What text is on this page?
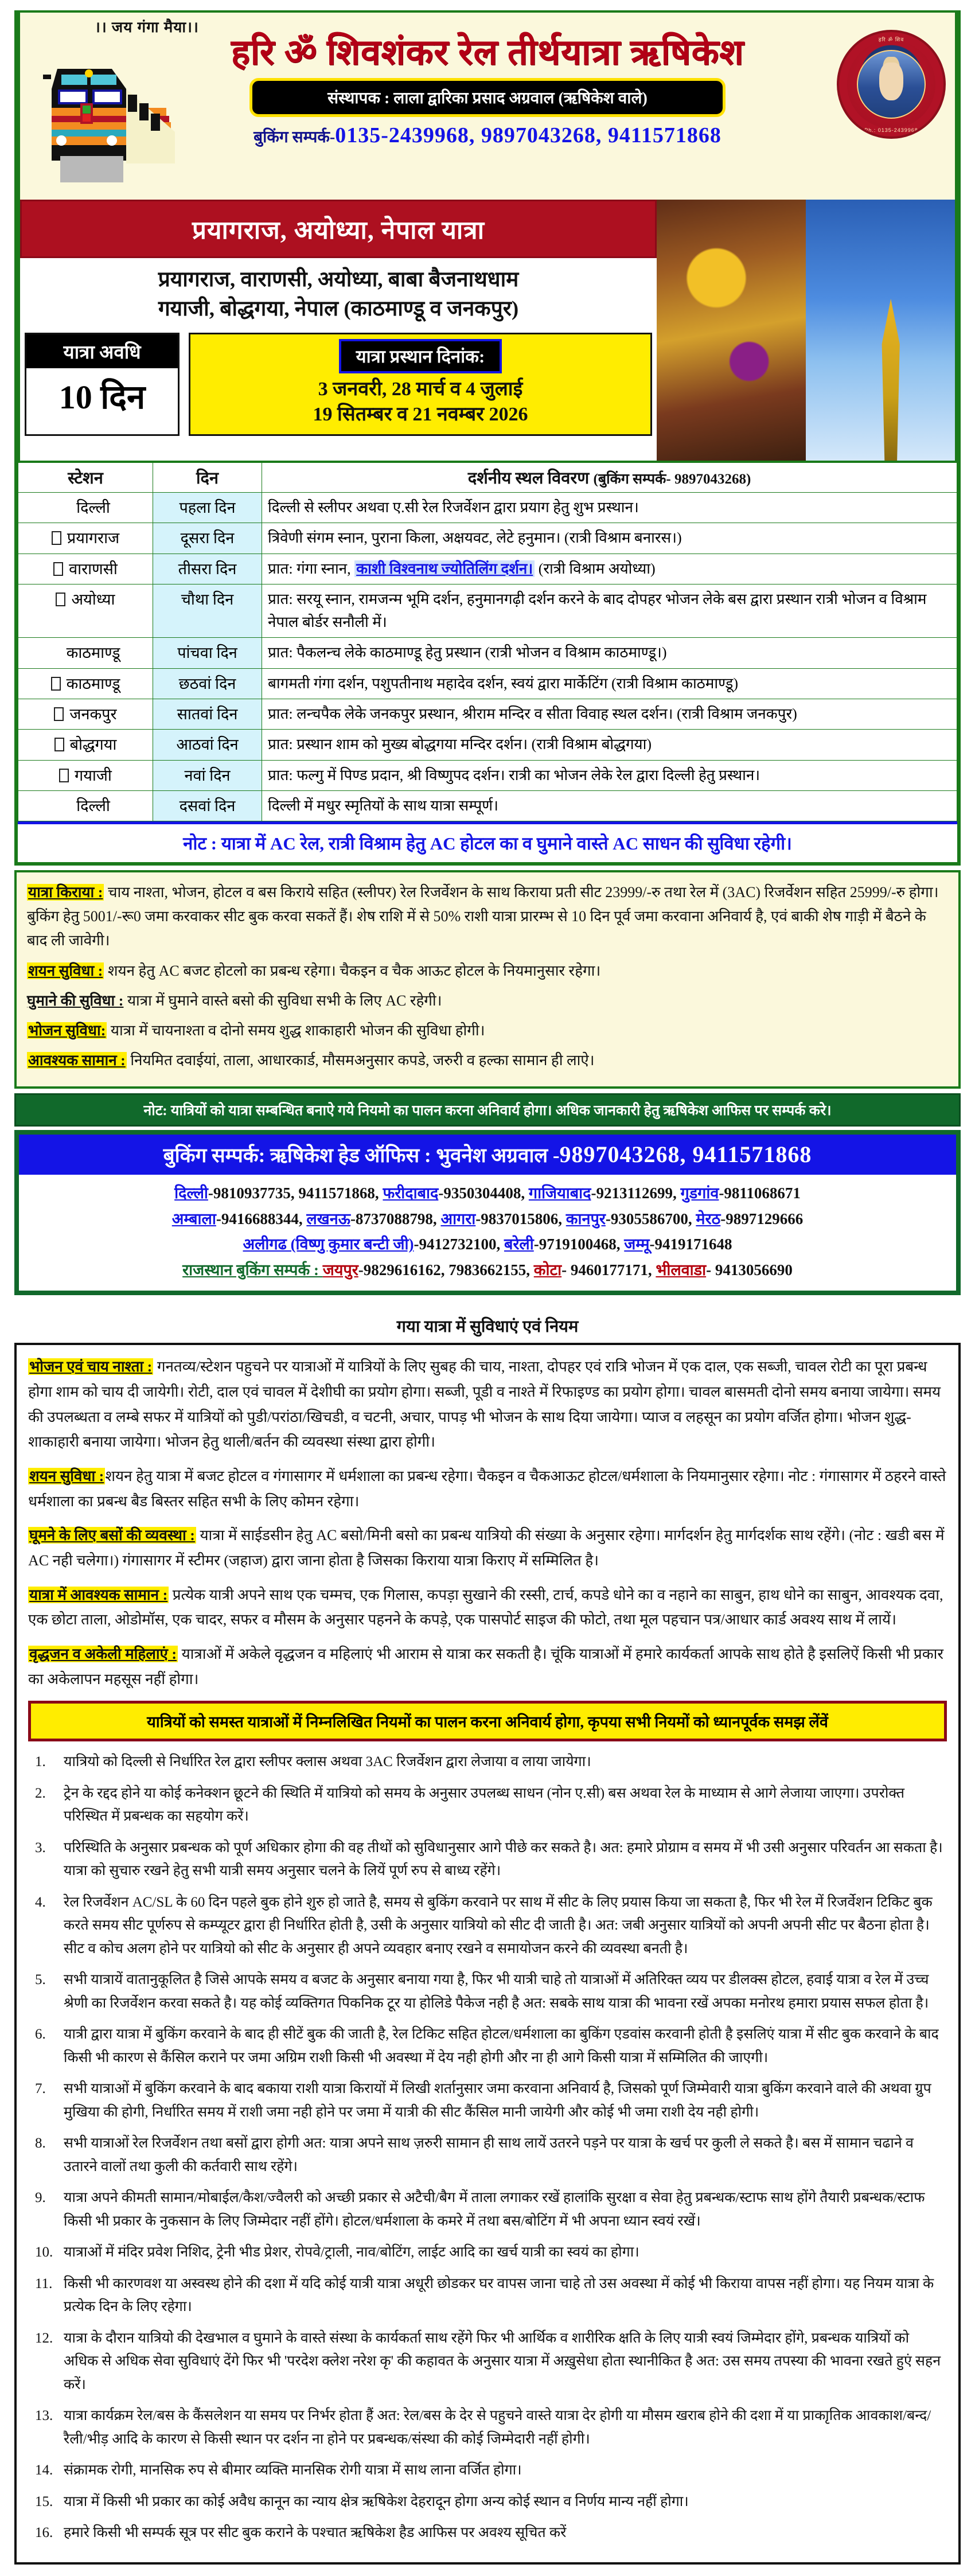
हरि ॐ शिव
Ph.: 0135-2439968
।। जय गंगा मैया।।
हरि ॐ शिवशंकर रेल तीर्थयात्रा ऋषिकेश
संस्थापक : लाला द्वारिका प्रसाद अग्रवाल (ऋषिकेश वाले)
बुकिंग सम्पर्क-0135-2439968, 9897043268, 9411571868
प्रयागराज, अयोध्या, नेपाल यात्रा
प्रयागराज, वाराणसी, अयोध्या, बाबा बैजनाथधाम
गयाजी, बोद्धगया, नेपाल (काठमाण्डू व जनकपुर)
यात्रा अवधि
10 दिन
यात्रा प्रस्थान दिनांक:
3 जनवरी, 28 मार्च व 4 जुलाई
19 सितम्बर व 21 नवम्बर 2026
स्टेशन	दिन	दर्शनीय स्थल विवरण (बुकिंग सम्पर्क- 9897043268)
दिल्ली	पहला दिन	दिल्ली से स्लीपर अथवा ए.सी रेल रिजर्वेशन द्वारा प्रयाग हेतु शुभ प्रस्थान।
प्रयागराज	दूसरा दिन	त्रिवेणी संगम स्नान, पुराना किला, अक्षयवट, लेटे हनुमान। (रात्री विश्राम बनारस।)
वाराणसी	तीसरा दिन	प्रात: गंगा स्नान, काशी विश्वनाथ ज्योतिलिंग दर्शन। (रात्री विश्राम अयोध्या)
अयोध्या	चौथा दिन	प्रात: सरयू स्नान, रामजन्म भूमि दर्शन, हनुमानगढ़ी दर्शन करने के बाद दोपहर भोजन लेके बस द्वारा प्रस्थान रात्री भोजन व विश्राम नेपाल बोर्डर सनौली में।
काठमाण्डू	पांचवा दिन	प्रात: पैकलन्च लेके काठमाण्डू हेतु प्रस्थान (रात्री भोजन व विश्राम काठमाण्डू।)
काठमाण्डू	छठवां दिन	बागमती गंगा दर्शन, पशुपतीनाथ महादेव दर्शन, स्वयं द्वारा मार्केटिंग (रात्री विश्राम काठमाण्डू)
जनकपुर	सातवां दिन	प्रात: लन्चपैक लेके जनकपुर प्रस्थान, श्रीराम मन्दिर व सीता विवाह स्थल दर्शन। (रात्री विश्राम जनकपुर)
बोद्धगया	आठवां दिन	प्रात: प्रस्थान शाम को मुख्य बोद्धगया मन्दिर दर्शन। (रात्री विश्राम बोद्धगया)
गयाजी	नवां दिन	प्रात: फल्गु में पिण्ड प्रदान, श्री विष्णुपद दर्शन। रात्री का भोजन लेके रेल द्वारा दिल्ली हेतु प्रस्थान।
दिल्ली	दसवां दिन	दिल्ली में मधुर स्मृतियों के साथ यात्रा सम्पूर्ण।
नोट : यात्रा में AC रेल, रात्री विश्राम हेतु AC होटल का व घुमाने वास्ते AC साधन की सुविधा रहेगी।

यात्रा किराया : चाय नाश्ता, भोजन, होटल व बस किराये सहित (स्लीपर) रेल रिजर्वेशन के साथ किराया प्रती सीट 23999/-रु तथा रेल में (3AC) रिजर्वेशन सहित 25999/-रु होगा। बुकिंग हेतु 5001/-रू0 जमा करवाकर सीट बुक करवा सकतें हैं। शेष राशि में से 50% राशी यात्रा प्रारम्भ से 10 दिन पूर्व जमा करवाना अनिवार्य है, एवं बाकी शेष गाड़ी में बैठने के बाद ली जावेगी।

शयन सुविधा : शयन हेतु AC बजट होटलो का प्रबन्ध रहेगा। चैकइन व चैक आऊट होटल के नियमानुसार रहेगा।

घुमाने की सुविधा : यात्रा में घुमाने वास्ते बसो की सुविधा सभी के लिए AC रहेगी।

भोजन सुविधा: यात्रा में चायनाश्ता व दोनो समय शुद्ध शाकाहारी भोजन की सुविधा होगी।

आवश्यक सामान : नियमित दवाईयां, ताला, आधारकार्ड, मौसमअनुसार कपडे, जरुरी व हल्का सामान ही लाऐ।

नोट: यात्रियों को यात्रा सम्बन्धित बनाऐ गये नियमो का पालन करना अनिवार्य होगा। अधिक जानकारी हेतु ऋषिकेश आफिस पर सम्पर्क करे।
बुकिंग सम्पर्क: ऋषिकेश हेड ऑफिस : भुवनेश अग्रवाल -9897043268, 9411571868
दिल्ली-9810937735, 9411571868, फरीदाबाद-9350304408, गाजियाबाद-9213112699, गुडगांव-9811068671
अम्बाला-9416688344, लखनऊ-8737088798, आगरा-9837015806, कानपुर-9305586700, मेरठ-9897129666
अलीगढ (विष्णु कुमार बन्टी जी)-9412732100, बरेली-9719100468, जम्मू-9419171648
राजस्थान बुकिंग सम्पर्क : जयपुर-9829616162, 7983662155, कोटा- 9460177171, भीलवाडा- 9413056690
गया यात्रा में सुविधाएं एवं नियम

भोजन एवं चाय नाश्ता : गनतव्य/स्टेशन पहुचने पर यात्राओं में यात्रियों के लिए सुबह की चाय, नाश्ता, दोपहर एवं रात्रि भोजन में एक दाल, एक सब्जी, चावल रोटी का पूरा प्रबन्ध होगा शाम को चाय दी जायेगी। रोटी, दाल एवं चावल में देशीघी का प्रयोग होगा। सब्जी, पूडी व नाश्ते में रिफाइण्ड का प्रयोग होगा। चावल बासमती दोनो समय बनाया जायेगा। समय की उपलब्धता व लम्बे सफर में यात्रियों को पुडी/परांठा/खिचडी, व चटनी, अचार, पापड़ भी भोजन के साथ दिया जायेगा। प्याज व लहसून का प्रयोग वर्जित होगा। भोजन शुद्ध-शाकाहारी बनाया जायेगा। भोजन हेतु थाली/बर्तन की व्यवस्था संस्था द्वारा होगी।

शयन सुविधा :शयन हेतु यात्रा में बजट होटल व गंगासागर में धर्मशाला का प्रबन्ध रहेगा। चैकइन व चैकआऊट होटल/धर्मशाला के नियमानुसार रहेगा। नोट : गंगासागर में ठहरने वास्ते धर्मशाला का प्रबन्ध बैड बिस्तर सहित सभी के लिए कोमन रहेगा।

घूमने के लिए बसों की व्यवस्था : यात्रा में साईडसीन हेतु AC बसो/मिनी बसो का प्रबन्ध यात्रियो की संख्या के अनुसार रहेगा। मार्गदर्शन हेतु मार्गदर्शक साथ रहेंगे। (नोट : खडी बस में AC नही चलेगा।) गंगासागर में स्टीमर (जहाज) द्वारा जाना होता है जिसका किराया यात्रा किराए में सम्मिलित है।

यात्रा में आवश्यक सामान : प्रत्येक यात्री अपने साथ एक चम्मच, एक गिलास, कपड़ा सुखाने की रस्सी, टार्च, कपडे धोने का व नहाने का साबुन, हाथ धोने का साबुन, आवश्यक दवा, एक छोटा ताला, ओडोमॉस, एक चादर, सफर व मौसम के अनुसार पहनने के कपड़े, एक पासपोर्ट साइज की फोटो, तथा मूल पहचान पत्र/आधार कार्ड अवश्य साथ में लायें।

वृद्धजन व अकेली महिलाएं : यात्राओं में अकेले वृद्धजन व महिलाएं भी आराम से यात्रा कर सकती है। चूंकि यात्राओं में हमारे कार्यकर्ता आपके साथ होते है इसलिऐं किसी भी प्रकार का अकेलापन महसूस नहीं होगा।

यात्रियों को समस्त यात्राओं में निम्नलिखित नियमों का पालन करना अनिवार्य होगा, कृपया सभी नियमों को ध्यानपूर्वक समझ लेंवें
यात्रियो को दिल्ली से निर्धारित रेल द्वारा स्लीपर क्लास अथवा 3AC रिजर्वेशन द्वारा लेजाया व लाया जायेगा।
ट्रेन के रद्दद होने या कोई कनेक्शन छूटने की स्थिति में यात्रियो को समय के अनुसार उपलब्ध साधन (नोन ए.सी) बस अथवा रेल के माध्याम से आगे लेजाया जाएगा। उपरोक्त परिस्थित में प्रबन्धक का सहयोग करें।
परिस्थिति के अनुसार प्रबन्धक को पूर्ण अधिकार होगा की वह तीथों को सुविधानुसार आगे पीछे कर सकते है। अत: हमारे प्रोग्राम व समय में भी उसी अनुसार परिवर्तन आ सकता है। यात्रा को सुचारु रखने हेतु सभी यात्री समय अनुसार चलने के लियें पूर्ण रुप से बाध्य रहेंगे।
रेल रिजर्वेशन AC/SL के 60 दिन पहले बुक होने शुरु हो जाते है, समय से बुकिंग करवाने पर साथ में सीट के लिए प्रयास किया जा सकता है, फिर भी रेल में रिजर्वेशन टिकिट बुक करते समय सीट पूर्णरुप से कम्प्यूटर द्वारा ही निर्धारित होती है, उसी के अनुसार यात्रियो को सीट दी जाती है। अत: जबी अनुसार यात्रियों को अपनी अपनी सीट पर बैठना होता है। सीट व कोच अलग होने पर यात्रियो को सीट के अनुसार ही अपने व्यवहार बनाए रखने व समायोजन करने की व्यवस्था बनती है।
सभी यात्रायें वातानुकूलित है जिसे आपके समय व बजट के अनुसार बनाया गया है, फिर भी यात्री चाहे तो यात्राओं में अतिरिक्त व्यय पर डीलक्स होटल, हवाई यात्रा व रेल में उच्च श्रेणी का रिजर्वेशन करवा सकते है। यह कोई व्यक्तिगत पिकनिक टूर या होलिडे पैकेज नही है अत: सबके साथ यात्रा की भावना रखें अपका मनोरथ हमारा प्रयास सफल होता है।
यात्री द्वारा यात्रा में बुकिंग करवाने के बाद ही सीटें बुक की जाती है, रेल टिकिट सहित होटल/धर्मशाला का बुकिंग एडवांस करवानी होती है इसलिएं यात्रा में सीट बुक करवाने के बाद किसी भी कारण से कैंसिल कराने पर जमा अग्रिम राशी किसी भी अवस्था में देय नही होगी और ना ही आगे किसी यात्रा में सम्मिलित की जाएगी।
सभी यात्राओं में बुकिंग करवाने के बाद बकाया राशी यात्रा किरायों में लिखी शर्तानुसार जमा करवाना अनिवार्य है, जिसको पूर्ण जिम्मेवारी यात्रा बुकिंग करवाने वाले की अथवा ग्रुप मुखिया की होगी, निर्धारित समय में राशी जमा नही होने पर जमा में यात्री की सीट कैंसिल मानी जायेगी और कोई भी जमा राशी देय नही होगी।
सभी यात्राओं रेल रिजर्वेशन तथा बसों द्वारा होगी अत: यात्रा अपने साथ ज़रुरी सामान ही साथ लायें उतरने पड़ने पर यात्रा के खर्च पर कुली ले सकते है। बस में सामान चढाने व उतारने वालों तथा कुली की कर्तवारी साथ रहेंगे।
यात्रा अपने कीमती सामान/मोबाईल/कैश/ज्वैलरी को अच्छी प्रकार से अटैची/बैग में ताला लगाकर रखें हालांकि सुरक्षा व सेवा हेतु प्रबन्धक/स्टाफ साथ होंगे तैयारी प्रबन्धक/स्टाफ किसी भी प्रकार के नुकसान के लिए जिम्मेदार नहीं होंगे। होटल/धर्मशाला के कमरे में तथा बस/बोटिंग में भी अपना ध्यान स्वयं रखें।
यात्राओं में मंदिर प्रवेश निशिद, ट्रेनी भीड प्रेशर, रोपवे/ट्राली, नाव/बोटिंग, लाईट आदि का खर्च यात्री का स्वयं का होगा।
किसी भी कारणवश या अस्वस्थ होने की दशा में यदि कोई यात्री यात्रा अधूरी छोडकर घर वापस जाना चाहे तो उस अवस्था में कोई भी किराया वापस नहीं होगा। यह नियम यात्रा के प्रत्येक दिन के लिए रहेगा।
यात्रा के दौरान यात्रियो की देखभाल व घुमाने के वास्ते संस्था के कार्यकर्ता साथ रहेंगे फिर भी आर्थिक व शारीरिक क्षति के लिए यात्री स्वयं जिम्मेदार होंगे, प्रबन्धक यात्रियों को अधिक से अधिक सेवा सुविधाएं देंगे फिर भी 'परदेश क्लेश नरेश कृ' की कहावत के अनुसार यात्रा में अख़ुसेधा होता स्थानीकित है अत: उस समय तपस्या की भावना रखते हुएं सहन करें।
यात्रा कार्यक्रम रेल/बस के कैंसलेशन या समय पर निर्भर होता हैं अत: रेल/बस के देर से पहुचने वास्ते यात्रा देर होगी या मौसम खराब होने की दशा में या प्राकाृतिक आवकाश/बन्द/रैली/भीड़ आदि के कारण से किसी स्थान पर दर्शन ना होने पर प्रबन्धक/संस्था की कोई जिम्मेदारी नहीं होगी।
संक्रामक रोगी, मानसिक रुप से बीमार व्यक्ति मानसिक रोगी यात्रा में साथ लाना वर्जित होगा।
यात्रा में किसी भी प्रकार का कोई अवैध कानून का न्याय क्षेत्र ऋषिकेश देहरादून होगा अन्य कोई स्थान व निर्णय मान्य नहीं होगा।
हमारे किसी भी सम्पर्क सूत्र पर सीट बुक कराने के पश्चात ऋषिकेश हैड आफिस पर अवश्य सूचित करें
